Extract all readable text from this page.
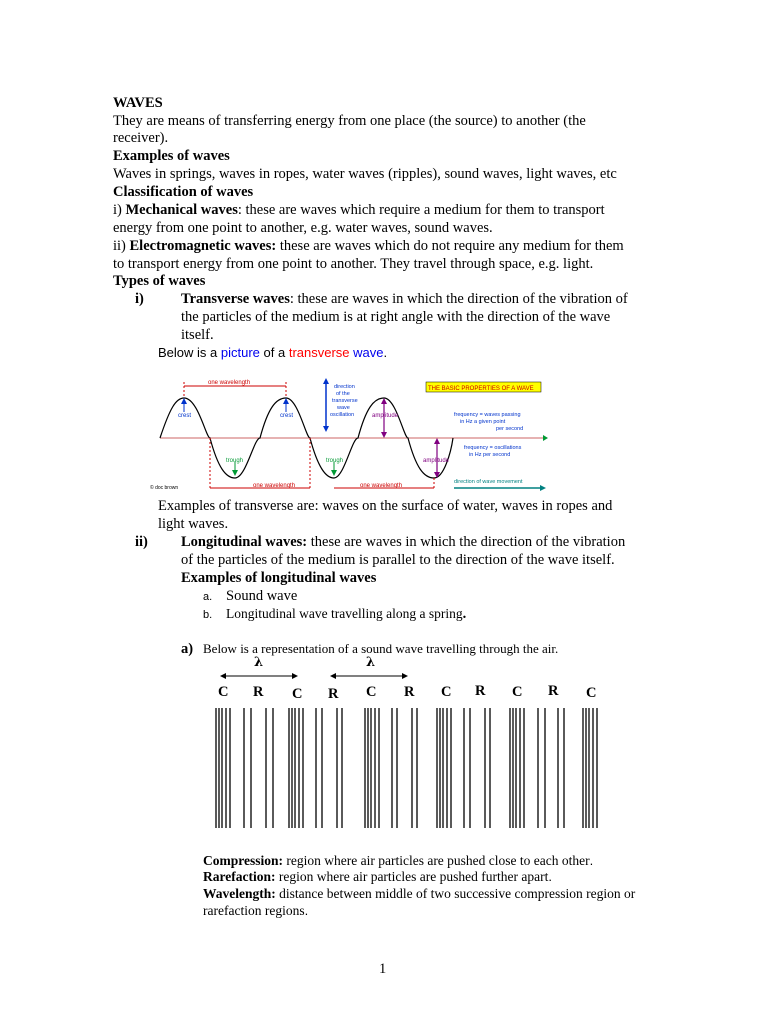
WAVES
They are means of transferring energy from one place (the source) to another (the
receiver).
Examples of waves
Waves in springs, waves in ropes, water waves (ripples), sound waves, light waves, etc
Classification of waves
i) Mechanical waves: these are waves which require a medium for them to transport
energy from one point to another, e.g. water waves, sound waves.
ii) Electromagnetic waves: these are waves which do not require any medium for them
to transport energy from one point to another. They travel through space, e.g. light.
Types of waves
i)	Transverse waves: these are waves in which the direction of the vibration of
the particles of the medium is at right angle with the direction of the wave
itself.
Below is a picture of a transverse wave.
one wavelength
crest	crest
direction of the transverse wave oscillation	amplitude
amplitude
THE BASIC PROPERTIES OF A WAVE
frequency = waves passing in Hz a given point per second
frequency = oscillations in Hz per second
trough	trough
one wavelength	one wavelength
© doc brown
direction of wave movement
Examples of transverse are: waves on the surface of water, waves in ropes and
light waves.
ii) Longitudinal waves: these are waves in which the direction of the vibration
of the particles of the medium is parallel to the direction of the wave itself.
Examples of longitudinal waves
a. Sound wave
b. Longitudinal wave travelling along a spring.
a) Below is a representation of a sound wave travelling through the air.
λ	λ
C R C R C R C R C R C
Compression: region where air particles are pushed close to each other.
Rarefaction: region where air particles are pushed further apart.
Wavelength: distance between middle of two successive compression region or
rarefaction regions.
1
